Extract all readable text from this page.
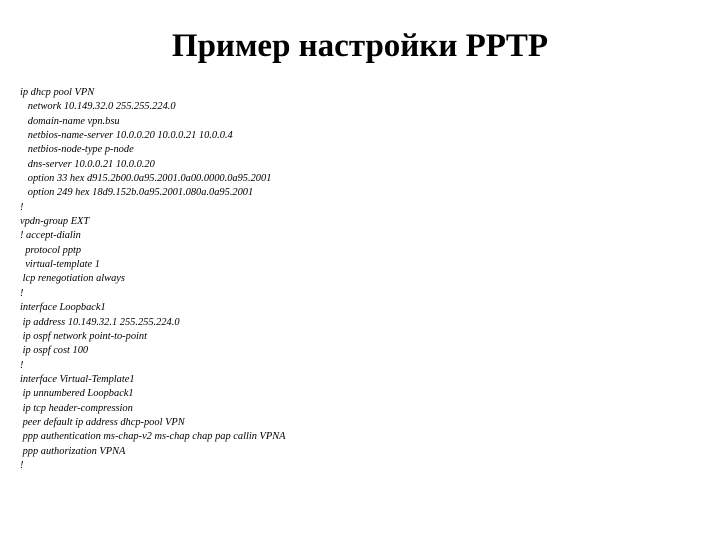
Пример настройки PPTP
ip dhcp pool VPN
network 10.149.32.0 255.255.224.0
domain-name vpn.bsu
netbios-name-server 10.0.0.20 10.0.0.21 10.0.0.4
netbios-node-type p-node
dns-server 10.0.0.21 10.0.0.20
option 33 hex d915.2b00.0a95.2001.0a00.0000.0a95.2001
option 249 hex 18d9.152b.0a95.2001.080a.0a95.2001
!
vpdn-group EXT
! accept-dialin
protocol pptp
virtual-template 1
lcp renegotiation always
!
interface Loopback1
ip address 10.149.32.1 255.255.224.0
ip ospf network point-to-point
ip ospf cost 100
!
interface Virtual-Template1
ip unnumbered Loopback1
ip tcp header-compression
peer default ip address dhcp-pool VPN
ppp authentication ms-chap-v2 ms-chap chap pap callin VPNA
ppp authorization VPNA
!
